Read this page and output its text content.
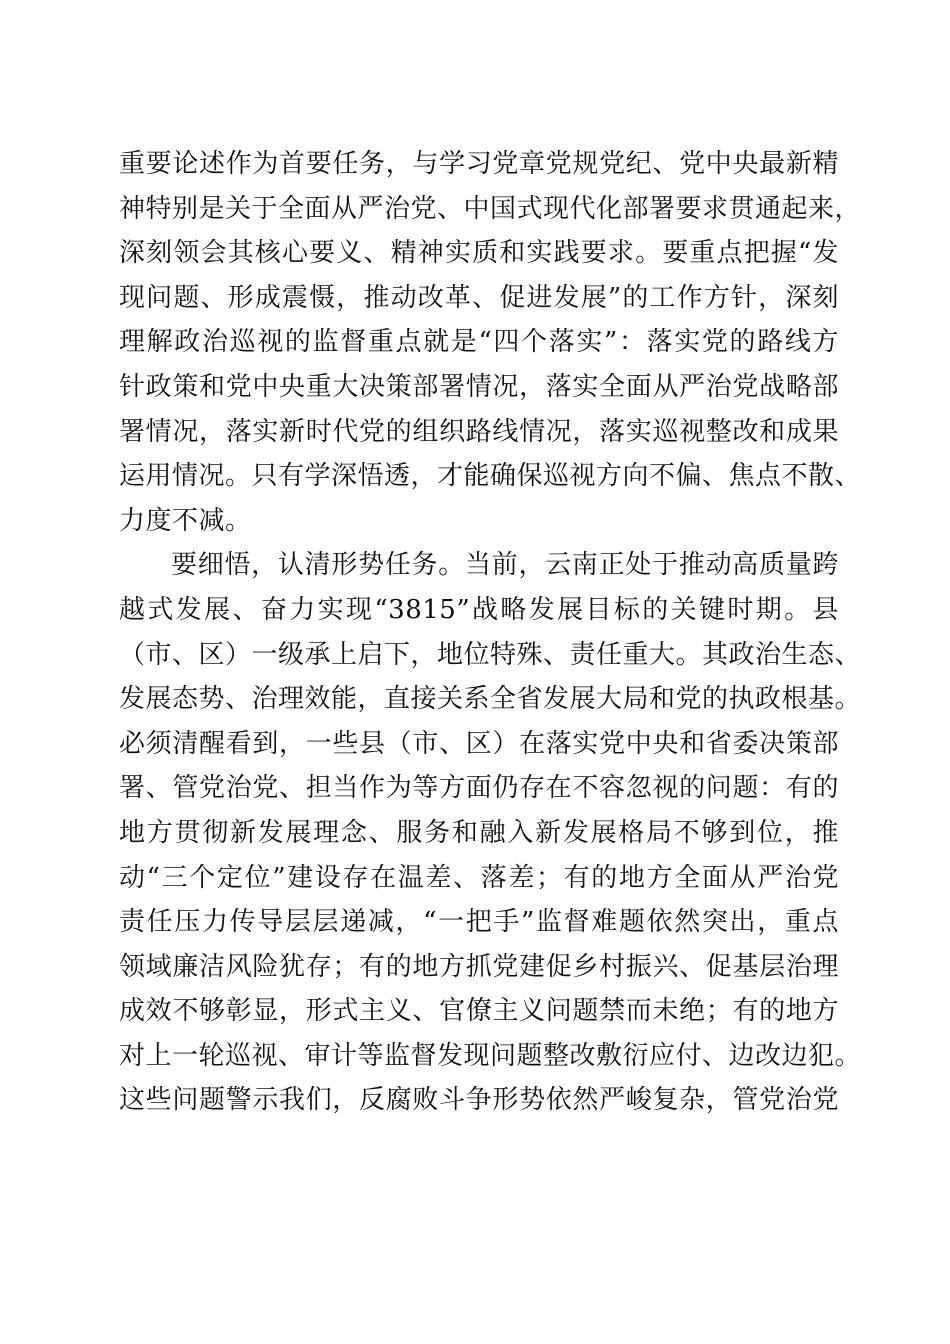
重要论述作为首要任务，与学习党章党规党纪、党中央最新精
神特别是关于全面从严治党、中国式现代化部署要求贯通起来，
深刻领会其核心要义、精神实质和实践要求。要重点把握“发
现问题、形成震慑，推动改革、促进发展”的工作方针，深刻
理解政治巡视的监督重点就是“四个落实”：落实党的路线方
针政策和党中央重大决策部署情况，落实全面从严治党战略部
署情况，落实新时代党的组织路线情况，落实巡视整改和成果
运用情况。只有学深悟透，才能确保巡视方向不偏、焦点不散、
力度不减。
要细悟，认清形势任务。当前，云南正处于推动高质量跨
越式发展、奋力实现“3815”战略发展目标的关键时期。县
（市、区）一级承上启下，地位特殊、责任重大。其政治生态、
发展态势、治理效能，直接关系全省发展大局和党的执政根基。
必须清醒看到，一些县（市、区）在落实党中央和省委决策部
署、管党治党、担当作为等方面仍存在不容忽视的问题：有的
地方贯彻新发展理念、服务和融入新发展格局不够到位，推
动“三个定位”建设存在温差、落差；有的地方全面从严治党
责任压力传导层层递减，“一把手”监督难题依然突出，重点
领域廉洁风险犹存；有的地方抓党建促乡村振兴、促基层治理
成效不够彰显，形式主义、官僚主义问题禁而未绝；有的地方
对上一轮巡视、审计等监督发现问题整改敷衍应付、边改边犯。
这些问题警示我们，反腐败斗争形势依然严峻复杂，管党治党
